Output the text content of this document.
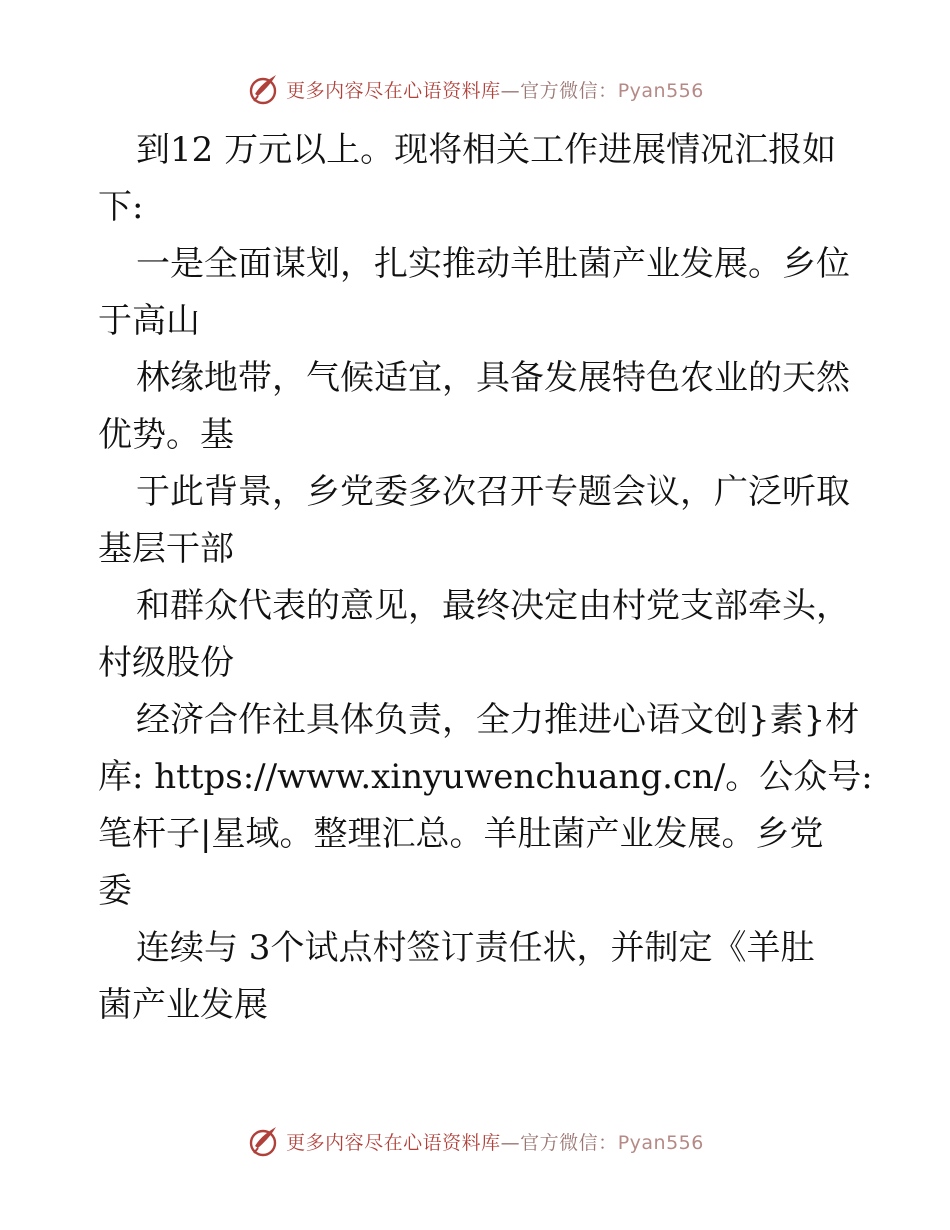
更多内容尽在心语资料库—官方微信：Pyan556
到12 万元以上。现将相关工作进展情况汇报如
下:
一是全面谋划，扎实推动羊肚菌产业发展。乡位
于高山
林缘地带，气候适宜，具备发展特色农业的天然
优势。基
于此背景，乡党委多次召开专题会议，广泛听取
基层干部
和群众代表的意见，最终决定由村党支部牵头，
村级股份
经济合作社具体负责，全力推进心语文创}素}材
库: https://www.xinyuwenchuang.cn/。公众号:
笔杆子|星域。整理汇总。羊肚菌产业发展。乡党
委
连续与 3个试点村签订责任状，并制定《羊肚
菌产业发展
更多内容尽在心语资料库—官方微信：Pyan556
